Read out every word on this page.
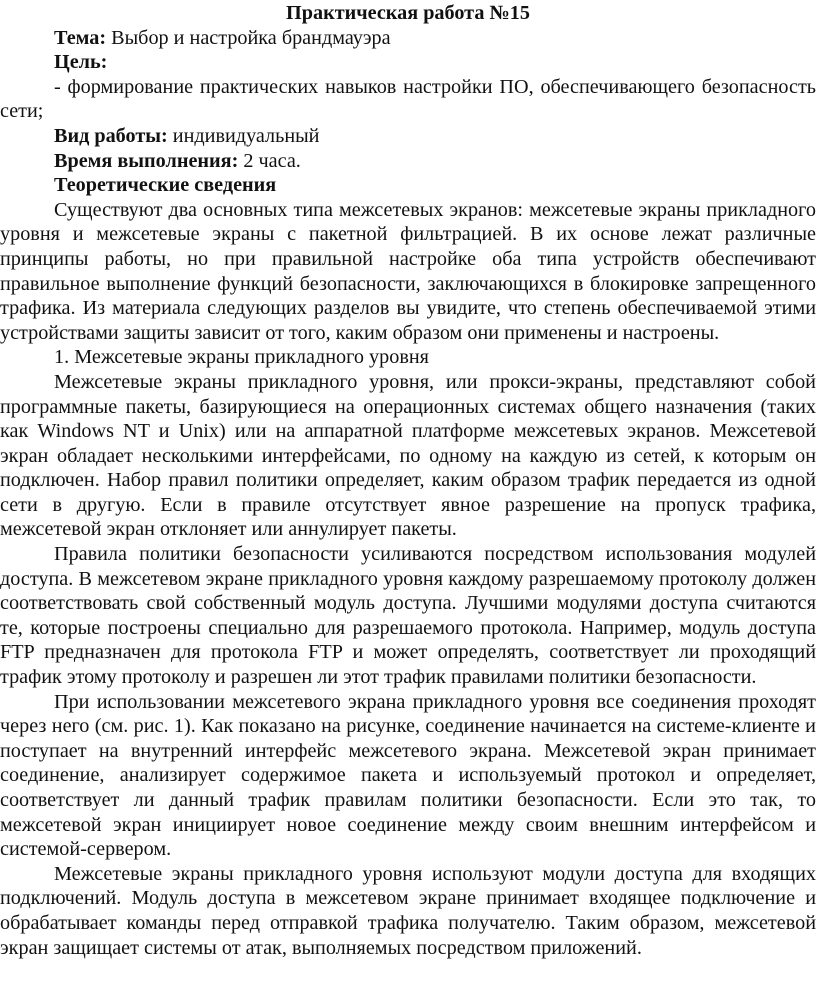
Практическая работа №15

Тема: Выбор и настройка брандмауэра

Цель:

- формирование практических навыков настройки ПО, обеспечивающего безопасность сети;

Вид работы: индивидуальный

Время выполнения: 2 часа.

Теоретические сведения

Существуют два основных типа межсетевых экранов: межсетевые экраны прикладного уровня и межсетевые экраны с пакетной фильтрацией. В их основе лежат различные принципы работы, но при правильной настройке оба типа устройств обеспечивают правильное выполнение функций безопасности, заключающихся в блокировке запрещенного трафика. Из материала следующих разделов вы увидите, что степень обеспечиваемой этими устройствами защиты зависит от того, каким образом они применены и настроены.

1. Межсетевые экраны прикладного уровня

Межсетевые экраны прикладного уровня, или прокси-экраны, представляют собой программные пакеты, базирующиеся на операционных системах общего назначения (таких как Windows NT и Unix) или на аппаратной платформе межсетевых экранов. Межсетевой экран обладает несколькими интерфейсами, по одному на каждую из сетей, к которым он подключен. Набор правил политики определяет, каким образом трафик передается из одной сети в другую. Если в правиле отсутствует явное разрешение на пропуск трафика, межсетевой экран отклоняет или аннулирует пакеты.

Правила политики безопасности усиливаются посредством использования модулей доступа. В межсетевом экране прикладного уровня каждому разрешаемому протоколу должен соответствовать свой собственный модуль доступа. Лучшими модулями доступа считаются те, которые построены специально для разрешаемого протокола. Например, модуль доступа FTP предназначен для протокола FTP и может определять, соответствует ли проходящий трафик этому протоколу и разрешен ли этот трафик правилами политики безопасности.

При использовании межсетевого экрана прикладного уровня все соединения проходят через него (см. рис. 1). Как показано на рисунке, соединение начинается на системе-клиенте и поступает на внутренний интерфейс межсетевого экрана. Межсетевой экран принимает соединение, анализирует содержимое пакета и используемый протокол и определяет, соответствует ли данный трафик правилам политики безопасности. Если это так, то межсетевой экран инициирует новое соединение между своим внешним интерфейсом и системой-сервером.

Межсетевые экраны прикладного уровня используют модули доступа для входящих подключений. Модуль доступа в межсетевом экране принимает входящее подключение и обрабатывает команды перед отправкой трафика получателю. Таким образом, межсетевой экран защищает системы от атак, выполняемых посредством приложений.
